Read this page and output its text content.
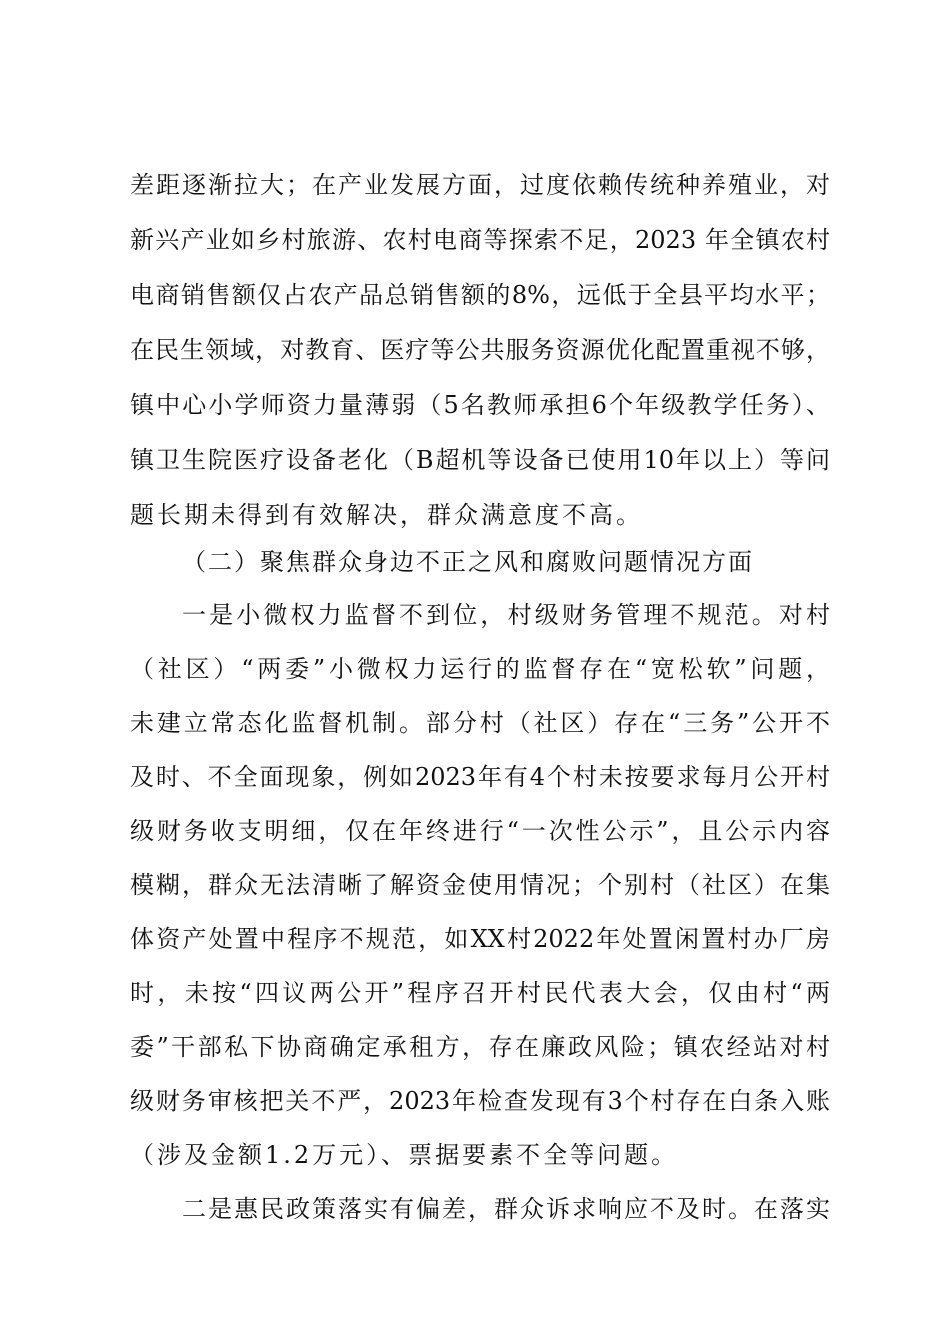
差距逐渐拉大；在产业发展方面，过度依赖传统种养殖业，对
新兴产业如乡村旅游、农村电商等探索不足，2023 年全镇农村
电商销售额仅占农产品总销售额的8%，远低于全县平均水平；
在民生领域，对教育、医疗等公共服务资源优化配置重视不够，
镇中心小学师资力量薄弱（5名教师承担6个年级教学任务）、
镇卫生院医疗设备老化（B超机等设备已使用10年以上）等问
题长期未得到有效解决，群众满意度不高。
（二）聚焦群众身边不正之风和腐败问题情况方面
一是小微权力监督不到位，村级财务管理不规范。对村
（社区）“两委”小微权力运行的监督存在“宽松软”问题，
未建立常态化监督机制。部分村（社区）存在“三务”公开不
及时、不全面现象，例如2023年有4个村未按要求每月公开村
级财务收支明细，仅在年终进行“一次性公示”，且公示内容
模糊，群众无法清晰了解资金使用情况；个别村（社区）在集
体资产处置中程序不规范，如XX村2022年处置闲置村办厂房
时，未按“四议两公开”程序召开村民代表大会，仅由村“两
委”干部私下协商确定承租方，存在廉政风险；镇农经站对村
级财务审核把关不严，2023年检查发现有3个村存在白条入账
（涉及金额1.2万元）、票据要素不全等问题。
二是惠民政策落实有偏差，群众诉求响应不及时。在落实
